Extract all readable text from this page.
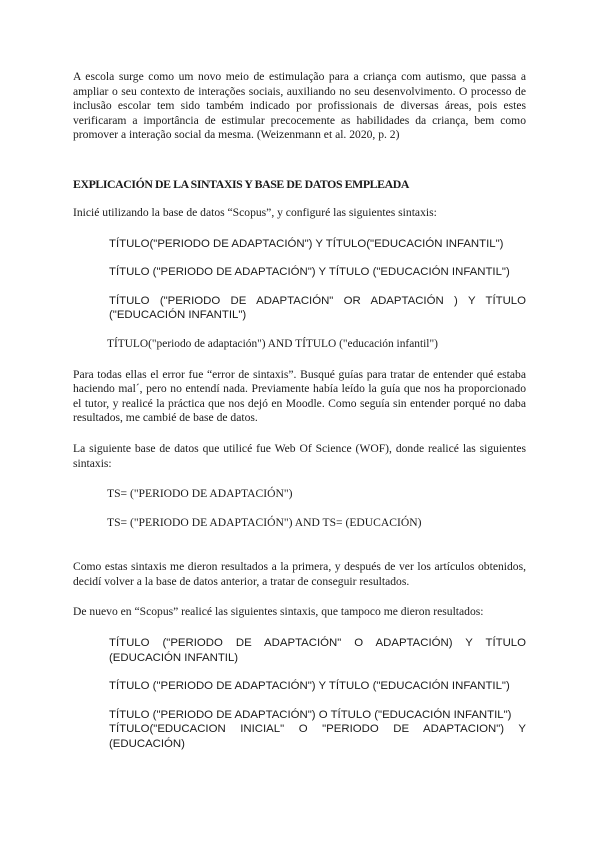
A escola surge como um novo meio de estimulação para a criança com autismo, que passa a ampliar o seu contexto de interações sociais, auxiliando no seu desenvolvimento. O processo de inclusão escolar tem sido também indicado por profissionais de diversas áreas, pois estes verificaram a importância de estimular precocemente as habilidades da criança, bem como promover a interação social da mesma. (Weizenmann et al. 2020, p. 2)

EXPLICACIÓN DE LA SINTAXIS Y BASE DE DATOS EMPLEADA

Inicié utilizando la base de datos “Scopus”, y configuré las siguientes sintaxis:

TÍTULO("PERIODO DE ADAPTACIÓN") Y TÍTULO("EDUCACIÓN INFANTIL")

TÍTULO ("PERIODO DE ADAPTACIÓN") Y TÍTULO ("EDUCACIÓN INFANTIL")

TÍTULO ("PERIODO DE ADAPTACIÓN" OR ADAPTACIÓN ) Y TÍTULO ("EDUCACIÓN INFANTIL")

TÍTULO("periodo de adaptación") AND TÍTULO ("educación infantil")

Para todas ellas el error fue “error de sintaxis”. Busqué guías para tratar de entender qué estaba haciendo mal´, pero no entendí nada. Previamente había leído la guía que nos ha proporcionado el tutor, y realicé la práctica que nos dejó en Moodle. Como seguía sin entender porqué no daba resultados, me cambié de base de datos.

La siguiente base de datos que utilicé fue Web Of Science (WOF), donde realicé las siguientes sintaxis:

TS= ("PERIODO DE ADAPTACIÓN")

TS= ("PERIODO DE ADAPTACIÓN") AND TS= (EDUCACIÓN)

Como estas sintaxis me dieron resultados a la primera, y después de ver los artículos obtenidos, decidí volver a la base de datos anterior, a tratar de conseguir resultados.

De nuevo en “Scopus” realicé las siguientes sintaxis, que tampoco me dieron resultados:

TÍTULO ("PERIODO DE ADAPTACIÓN" O ADAPTACIÓN) Y TÍTULO (EDUCACIÓN INFANTIL)

TÍTULO ("PERIODO DE ADAPTACIÓN") Y TÍTULO ("EDUCACIÓN INFANTIL")

TÍTULO ("PERIODO DE ADAPTACIÓN") O TÍTULO ("EDUCACIÓN INFANTIL")

TÍTULO("EDUCACION INICIAL" O "PERIODO DE ADAPTACION") Y (EDUCACIÓN)
